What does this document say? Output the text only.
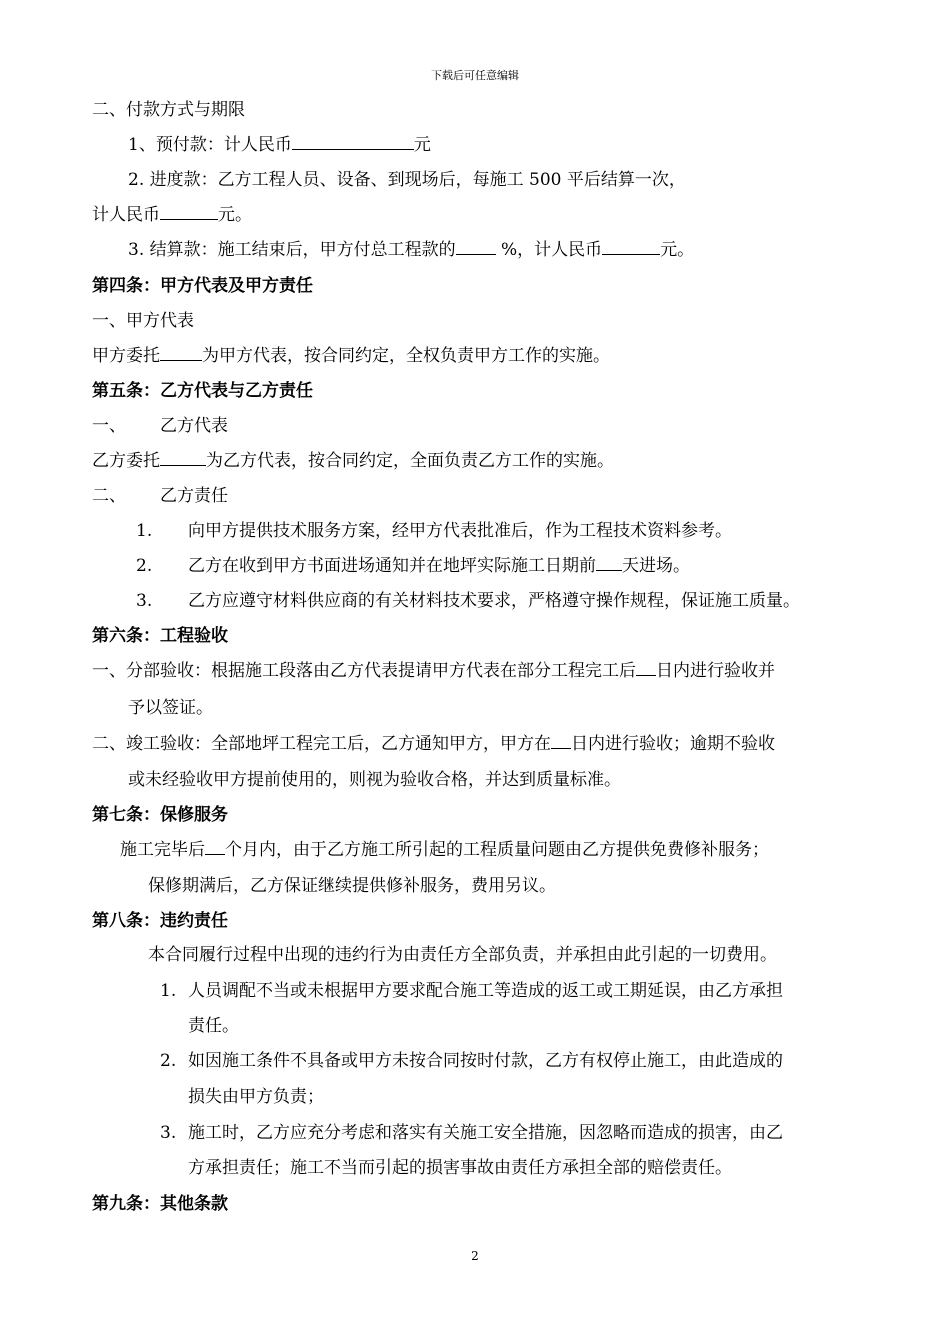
下载后可任意编辑
二、付款方式与期限
1、预付款：计人民币	元
2. 进度款：乙方工程人员、设备、到现场后，每施工 500 平后结算一次，
计人民币	元。
3. 结算款：施工结束后，甲方付总工程款的 %，计人民币	元。
第四条：甲方代表及甲方责任
一、甲方代表
甲方委托 为甲方代表，按合同约定，全权负责甲方工作的实施。
第五条：乙方代表与乙方责任
一、 乙方代表
乙方委托	为乙方代表，按合同约定，全面负责乙方工作的实施。
二、 乙方责任
1. 向甲方提供技术服务方案，经甲方代表批准后，作为工程技术资料参考。
2. 乙方在收到甲方书面进场通知并在地坪实际施工日期前 天进场。
3. 乙方应遵守材料供应商的有关材料技术要求，严格遵守操作规程，保证施工质量。
第六条：工程验收
一、分部验收：根据施工段落由乙方代表提请甲方代表在部分工程完工后 日内进行验收并
予以签证。
二、竣工验收：全部地坪工程完工后，乙方通知甲方，甲方在 日内进行验收；逾期不验收
或未经验收甲方提前使用的，则视为验收合格，并达到质量标准。
第七条：保修服务
施工完毕后 个月内，由于乙方施工所引起的工程质量问题由乙方提供免费修补服务；
保修期满后，乙方保证继续提供修补服务，费用另议。
第八条：违约责任
本合同履行过程中出现的违约行为由责任方全部负责，并承担由此引起的一切费用。
1. 人员调配不当或未根据甲方要求配合施工等造成的返工或工期延误，由乙方承担
责任。
2. 如因施工条件不具备或甲方未按合同按时付款，乙方有权停止施工，由此造成的
损失由甲方负责；
3. 施工时，乙方应充分考虑和落实有关施工安全措施，因忽略而造成的损害，由乙
方承担责任；施工不当而引起的损害事故由责任方承担全部的赔偿责任。
第九条：其他条款
2
